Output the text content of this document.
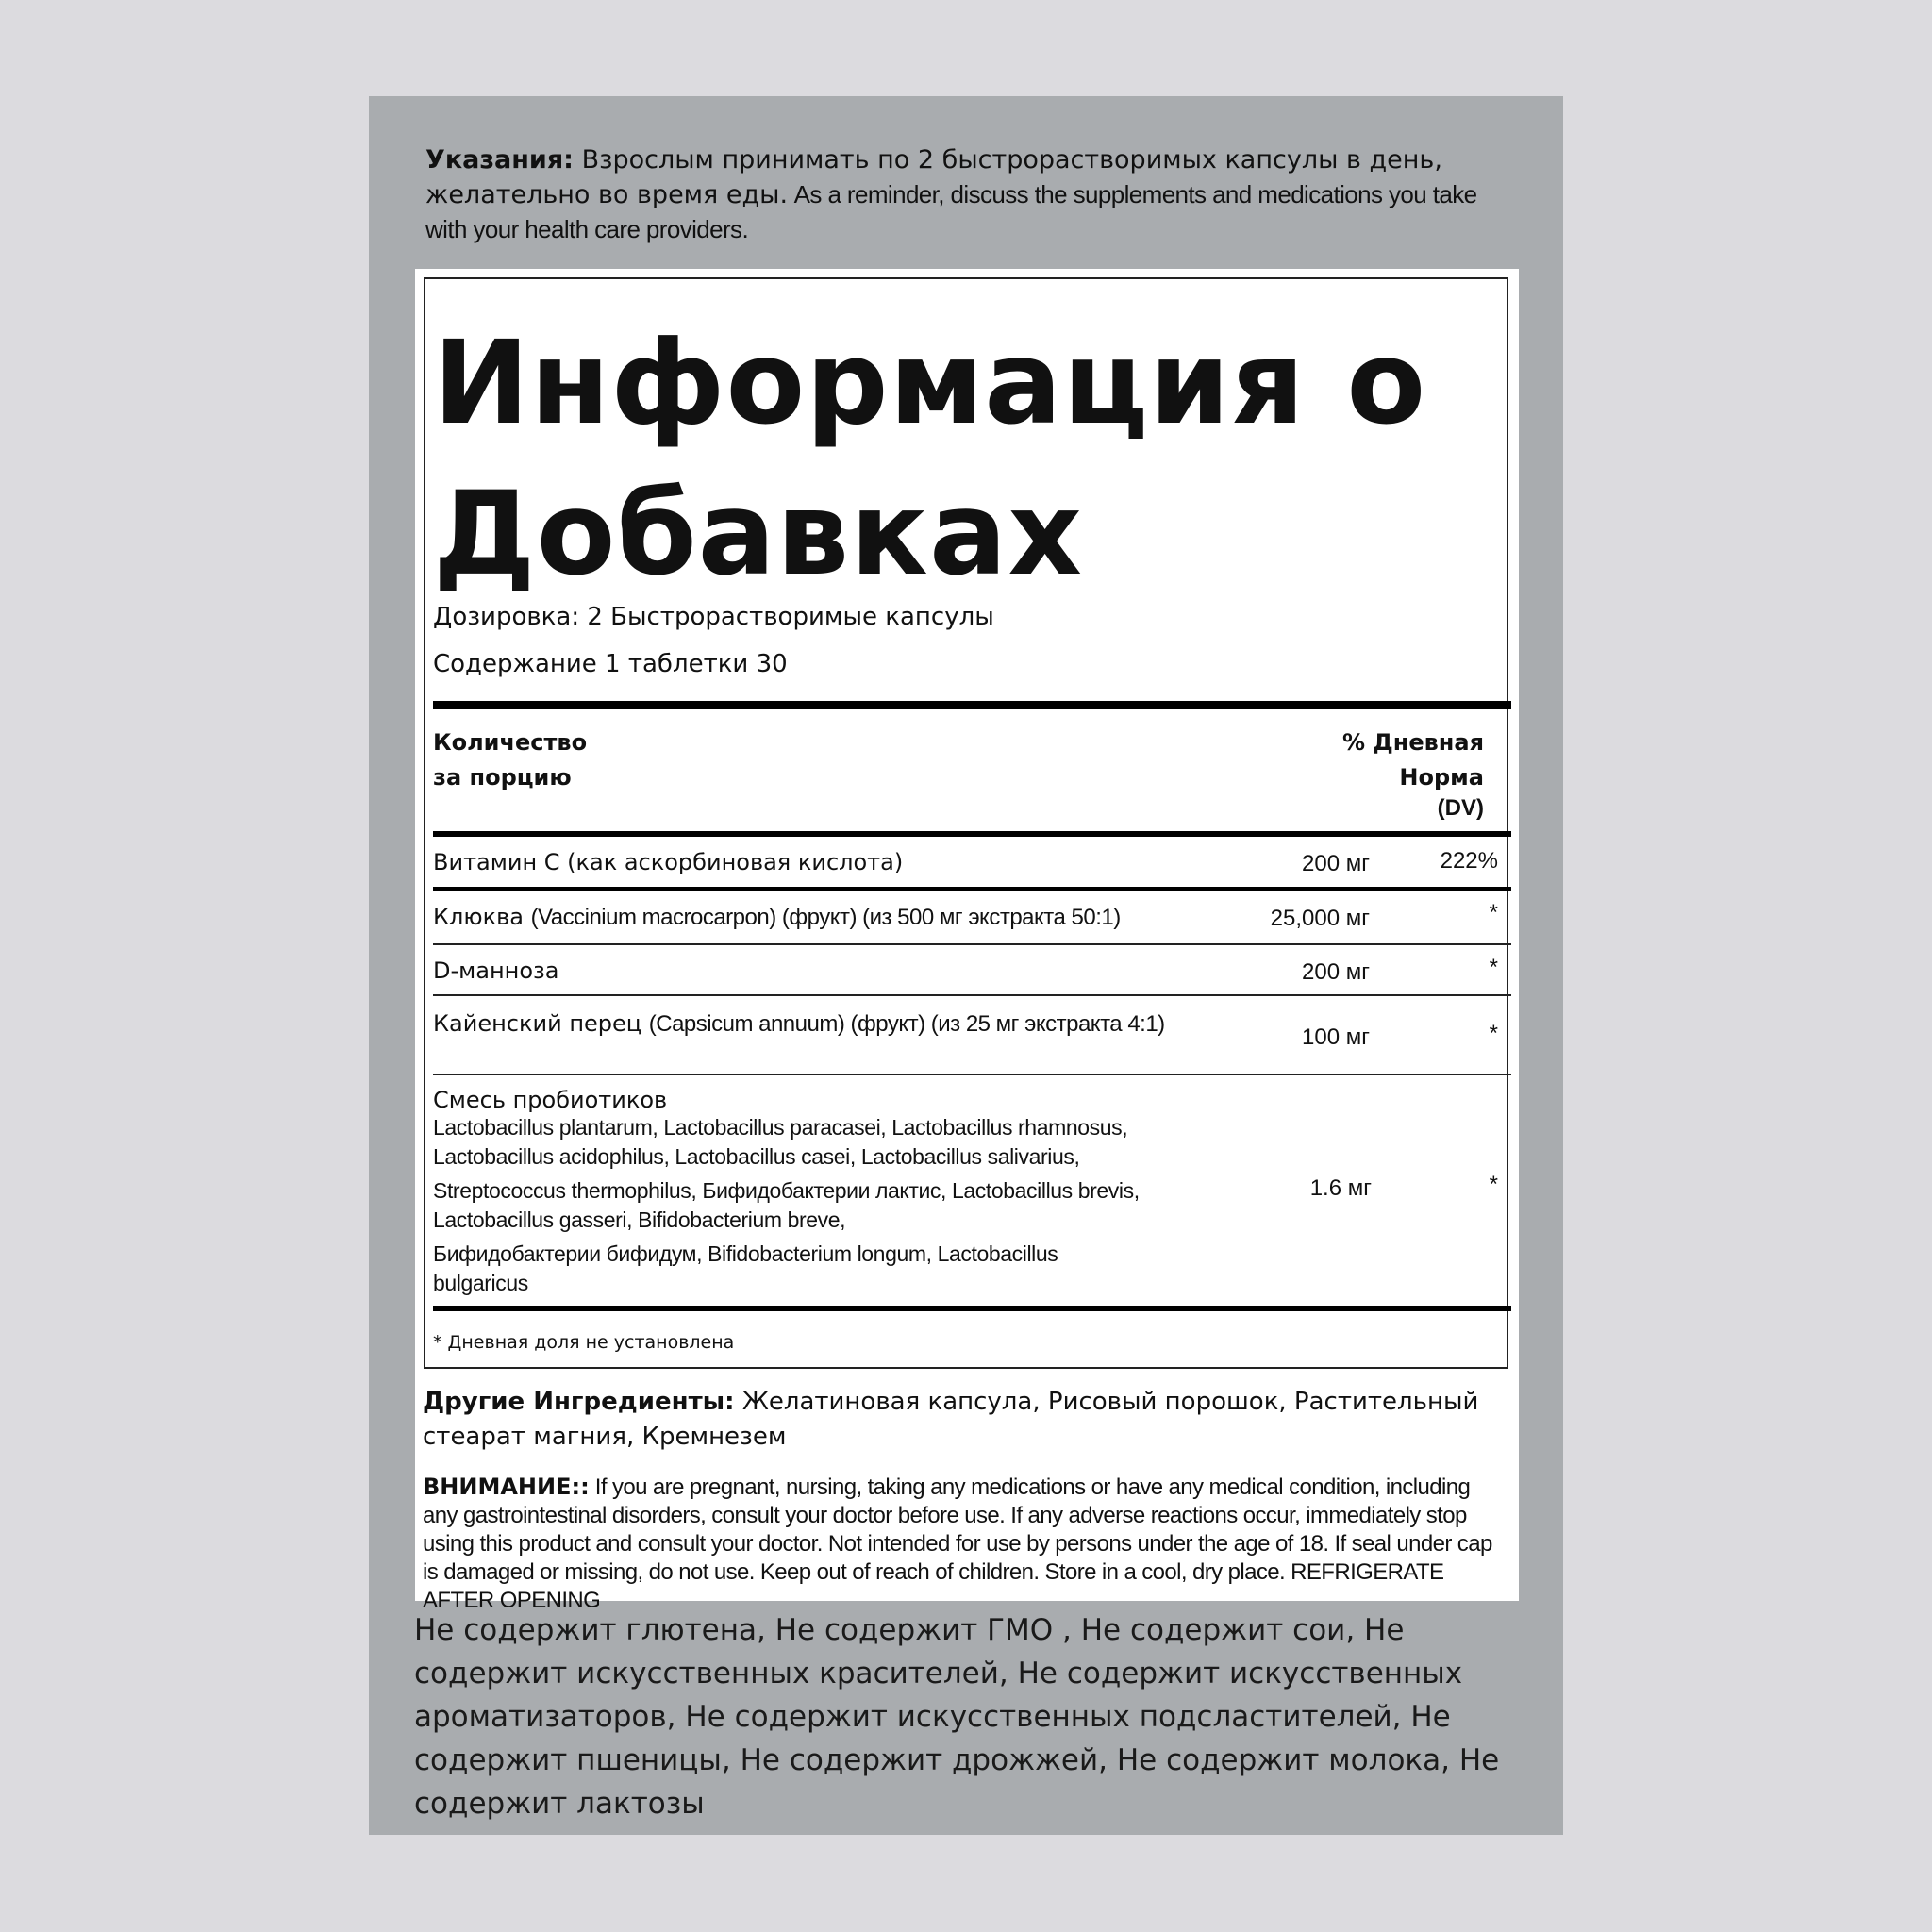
Указания: Взрослым принимать по 2 быстрорастворимых капсулы в день, желательно во время еды. As a reminder, discuss the supplements and medications you take with your health care providers.
Информация о Добавках
Дозировка: 2 Быстрорастворимые капсулы
Содержание 1 таблетки 30
Количество
за порцию
% Дневная
Норма
(DV)
Витамин С (как аскорбиновая кислота)	200 мг	222%
Клюква (Vaccinium macrocarpon) (фрукт) (из 500 мг экстракта 50:1)	25,000 мг	*
D-манноза	200 мг	*
Кайенский перец (Capsicum annuum) (фрукт) (из 25 мг экстракта 4:1)
100 мг	*
Смесь пробиотиков
Lactobacillus plantarum, Lactobacillus paracasei, Lactobacillus rhamnosus, Lactobacillus acidophilus, Lactobacillus casei, Lactobacillus salivarius,
Streptococcus thermophilus, Бифидобактерии лактис, Lactobacillus brevis, Lactobacillus gasseri, Bifidobacterium breve,
Бифидобактерии бифидум, Bifidobacterium longum, Lactobacillus bulgaricus
1.6 мг	*
* Дневная доля не установлена
Другие Ингредиенты: Желатиновая капсула, Рисовый порошок, Растительный стеарат магния, Кремнезем
ВНИМАНИЕ:: If you are pregnant, nursing, taking any medications or have any medical condition, including any gastrointestinal disorders, consult your doctor before use. If any adverse reactions occur, immediately stop using this product and consult your doctor. Not intended for use by persons under the age of 18. If seal under cap is damaged or missing, do not use. Keep out of reach of children. Store in a cool, dry place. REFRIGERATE AFTER OPENING
Не содержит глютена, Не содержит ГМО , Не содержит сои, Не содержит искусственных красителей, Не содержит искусственных ароматизаторов, Не содержит искусственных подсластителей, Не содержит пшеницы, Не содержит дрожжей, Не содержит молока, Не содержит лактозы
